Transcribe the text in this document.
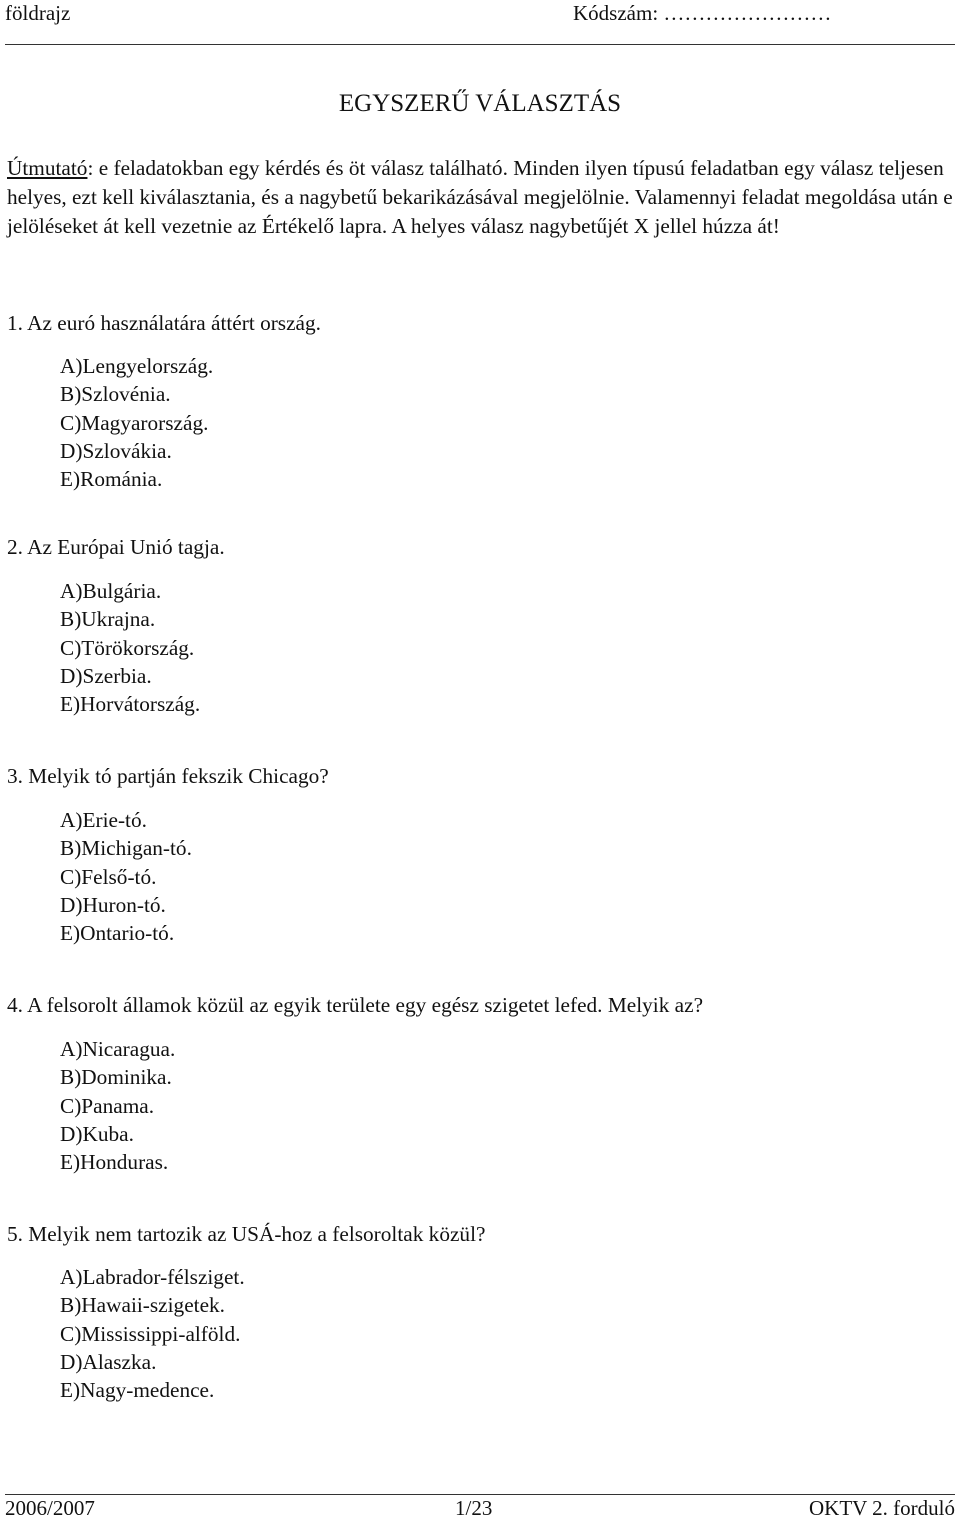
földrajz	Kódszám: ……………………
EGYSZERŰ VÁLASZTÁS
Útmutató: e feladatokban egy kérdés és öt válasz található. Minden ilyen típusú feladatban egy válasz teljesen helyes, ezt kell kiválasztania, és a nagybetű bekarikázásával megjelölnie. Valamennyi feladat megoldása után e jelöléseket át kell vezetnie az Értékelő lapra. A helyes válasz nagybetűjét X jellel húzza át!

1. Az euró használatára áttért ország.

A)Lengyelország.
B)Szlovénia.
C)Magyarország.
D)Szlovákia.
E)Románia.

2. Az Európai Unió tagja.

A)Bulgária.
B)Ukrajna.
C)Törökország.
D)Szerbia.
E)Horvátország.

3. Melyik tó partján fekszik Chicago?

A)Erie-tó.
B)Michigan-tó.
C)Felső-tó.
D)Huron-tó.
E)Ontario-tó.

4. A felsorolt államok közül az egyik területe egy egész szigetet lefed. Melyik az?

A)Nicaragua.
B)Dominika.
C)Panama.
D)Kuba.
E)Honduras.

5. Melyik nem tartozik az USÁ-hoz a felsoroltak közül?

A)Labrador-félsziget.
B)Hawaii-szigetek.
C)Mississippi-alföld.
D)Alaszka.
E)Nagy-medence.
2006/2007	1/23	OKTV 2. forduló
